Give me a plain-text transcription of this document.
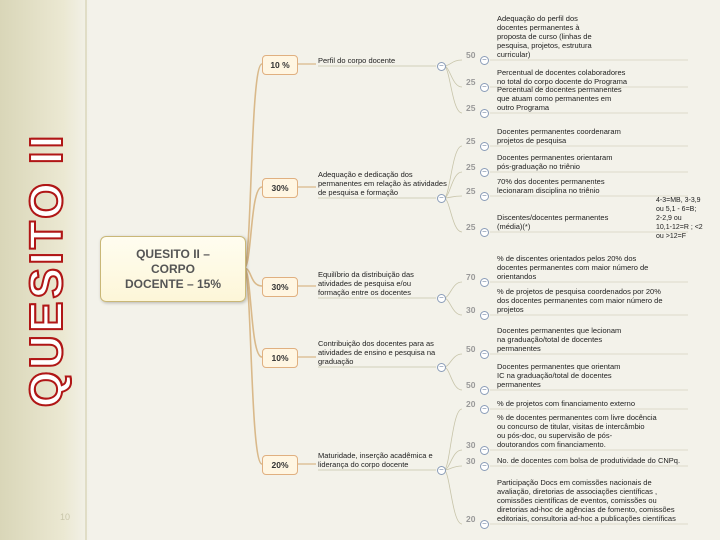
QUESITO II
10
QUESITO II –
CORPO
DOCENTE – 15%
4-3=MB, 3-3,9
ou 5,1 - 6=B;
2-2,9 ou
10,1-12=R ; <2
ou >12=F
10 %	Perfil do corpo docente
–
50	–
Adequação do perfil dos
docentes permanentes à
proposta de curso (linhas de
pesquisa, projetos, estrutura
curricular)
25	–
Percentual de docentes colaboradores
no total do corpo docente do Programa
25	–
Percentual de docentes permanentes
que atuam como permanentes em
outro Programa
30%
Adequação e dedicação dos
permanentes em relação às atividades
de pesquisa e formação
–
25	–
Docentes permanentes coordenaram
projetos de pesquisa
25	–
Docentes permanentes orientaram
pós-graduação no triênio
25	–
70% dos docentes permanentes
lecionaram disciplina no triênio
25	–
Discentes/docentes permanentes
(média)(*)
30%
Equilíbrio da distribuição das
atividades de pesquisa e/ou
formação entre os docentes
–
70	–
% de discentes orientados pelos 20% dos
docentes permanentes com maior número de
orientandos
30	–
% de projetos de pesquisa coordenados por 20%
dos docentes permanentes com maior número de
projetos
10%
Contribuição dos docentes para as
atividades de ensino e pesquisa na
graduação
–
50	–
Docentes permanentes que lecionam
na graduação/total de docentes
permanentes
50	–
Docentes permanentes que orientam
IC na graduação/total de docentes
permanentes
20%
Maturidade, inserção acadêmica e
liderança do corpo docente
–
20	–
% de projetos com financiamento externo
30	–
% de docentes permanentes com livre docência
ou concurso de titular, visitas de intercâmbio
ou pós-doc, ou supervisão de pós-
doutorandos com financiamento.
30	–
No. de docentes com bolsa de produtividade do CNPq.
20	–
Participação Docs em comissões nacionais de
avaliação, diretorias de associações científicas ,
comissões científicas de eventos, comissões ou
diretorias ad-hoc de agências de fomento, comissões
editoriais, consultoria ad-hoc a publicações científicas
